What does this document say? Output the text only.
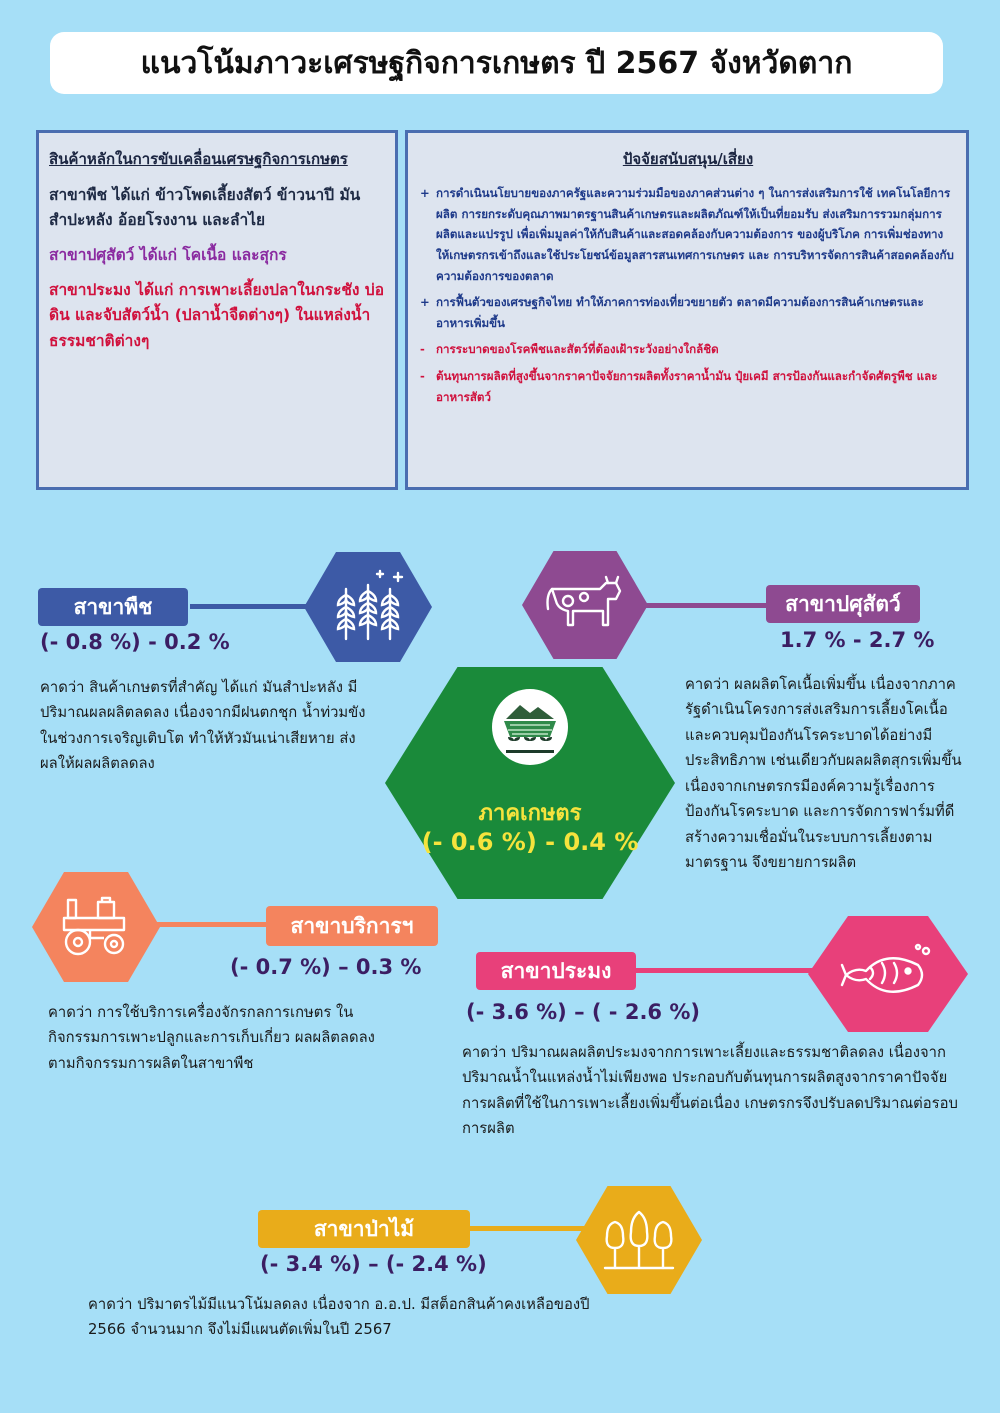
แนวโน้มภาวะเศรษฐกิจการเกษตร ปี 2567 จังหวัดตาก
สินค้าหลักในการขับเคลื่อนเศรษฐกิจการเกษตร

สาขาพืช ได้แก่ ข้าวโพดเลี้ยงสัตว์ ข้าวนาปี มันสำปะหลัง อ้อยโรงงาน และลำไย

สาขาปศุสัตว์ ได้แก่ โคเนื้อ และสุกร

สาขาประมง ได้แก่ การเพาะเลี้ยงปลาในกระชัง บ่อดิน และจับสัตว์น้ำ (ปลาน้ำจืดต่างๆ) ในแหล่งน้ำธรรมชาติต่างๆ

ปัจจัยสนับสนุน/เสี่ยง
+ การดำเนินนโยบายของภาครัฐและความร่วมมือของภาคส่วนต่าง ๆ ในการส่งเสริมการใช้ เทคโนโลยีการผลิต การยกระดับคุณภาพมาตรฐานสินค้าเกษตรและผลิตภัณฑ์ให้เป็นที่ยอมรับ ส่งเสริมการรวมกลุ่มการผลิตและแปรรูป เพื่อเพิ่มมูลค่าให้กับสินค้าและสอดคล้องกับความต้องการ ของผู้บริโภค การเพิ่มช่องทางให้เกษตรกรเข้าถึงและใช้ประโยชน์ข้อมูลสารสนเทศการเกษตร และ การบริหารจัดการสินค้าสอดคล้องกับความต้องการของตลาด
+ การฟื้นตัวของเศรษฐกิจไทย ทำให้ภาคการท่องเที่ยวขยายตัว ตลาดมีความต้องการสินค้าเกษตรและ อาหารเพิ่มขึ้น
- การระบาดของโรคพืชและสัตว์ที่ต้องเฝ้าระวังอย่างใกล้ชิด
- ต้นทุนการผลิตที่สูงขึ้นจากราคาปัจจัยการผลิตทั้งราคาน้ำมัน ปุ๋ยเคมี สารป้องกันและกำจัดศัตรูพืช และอาหารสัตว์
สาขาพืช
(- 0.8 %) - 0.2 %
คาดว่า สินค้าเกษตรที่สำคัญ ได้แก่ มันสำปะหลัง มีปริมาณผลผลิตลดลง เนื่องจากมีฝนตกชุก น้ำท่วมขัง ในช่วงการเจริญเติบโต ทำให้หัวมันเน่าเสียหาย ส่งผลให้ผลผลิตลดลง
สาขาปศุสัตว์
1.7 % - 2.7 %
คาดว่า ผลผลิตโคเนื้อเพิ่มขึ้น เนื่องจากภาครัฐดำเนินโครงการส่งเสริมการเลี้ยงโคเนื้อ และควบคุมป้องกันโรคระบาดได้อย่างมีประสิทธิภาพ เช่นเดียวกับผลผลิตสุกรเพิ่มขึ้น เนื่องจากเกษตรกรมีองค์ความรู้เรื่องการป้องกันโรคระบาด และการจัดการฟาร์มที่ดี สร้างความเชื่อมั่นในระบบการเลี้ยงตามมาตรฐาน จึงขยายการผลิต
ภาคเกษตร
(- 0.6 %) - 0.4 %
สาขาบริการฯ
(- 0.7 %) – 0.3 %
คาดว่า การใช้บริการเครื่องจักรกลการเกษตร ในกิจกรรมการเพาะปลูกและการเก็บเกี่ยว ผลผลิตลดลงตามกิจกรรมการผลิตในสาขาพืช
สาขาประมง
(- 3.6 %) – ( - 2.6 %)
คาดว่า ปริมาณผลผลิตประมงจากการเพาะเลี้ยงและธรรมชาติลดลง เนื่องจากปริมาณน้ำในแหล่งน้ำไม่เพียงพอ ประกอบกับต้นทุนการผลิตสูงจากราคาปัจจัยการผลิตที่ใช้ในการเพาะเลี้ยงเพิ่มขึ้นต่อเนื่อง เกษตรกรจึงปรับลดปริมาณต่อรอบการผลิต
สาขาป่าไม้
(- 3.4 %) – (- 2.4 %)
คาดว่า ปริมาตรไม้มีแนวโน้มลดลง เนื่องจาก อ.อ.ป. มีสต็อกสินค้าคงเหลือของปี 2566 จำนวนมาก จึงไม่มีแผนตัดเพิ่มในปี 2567
